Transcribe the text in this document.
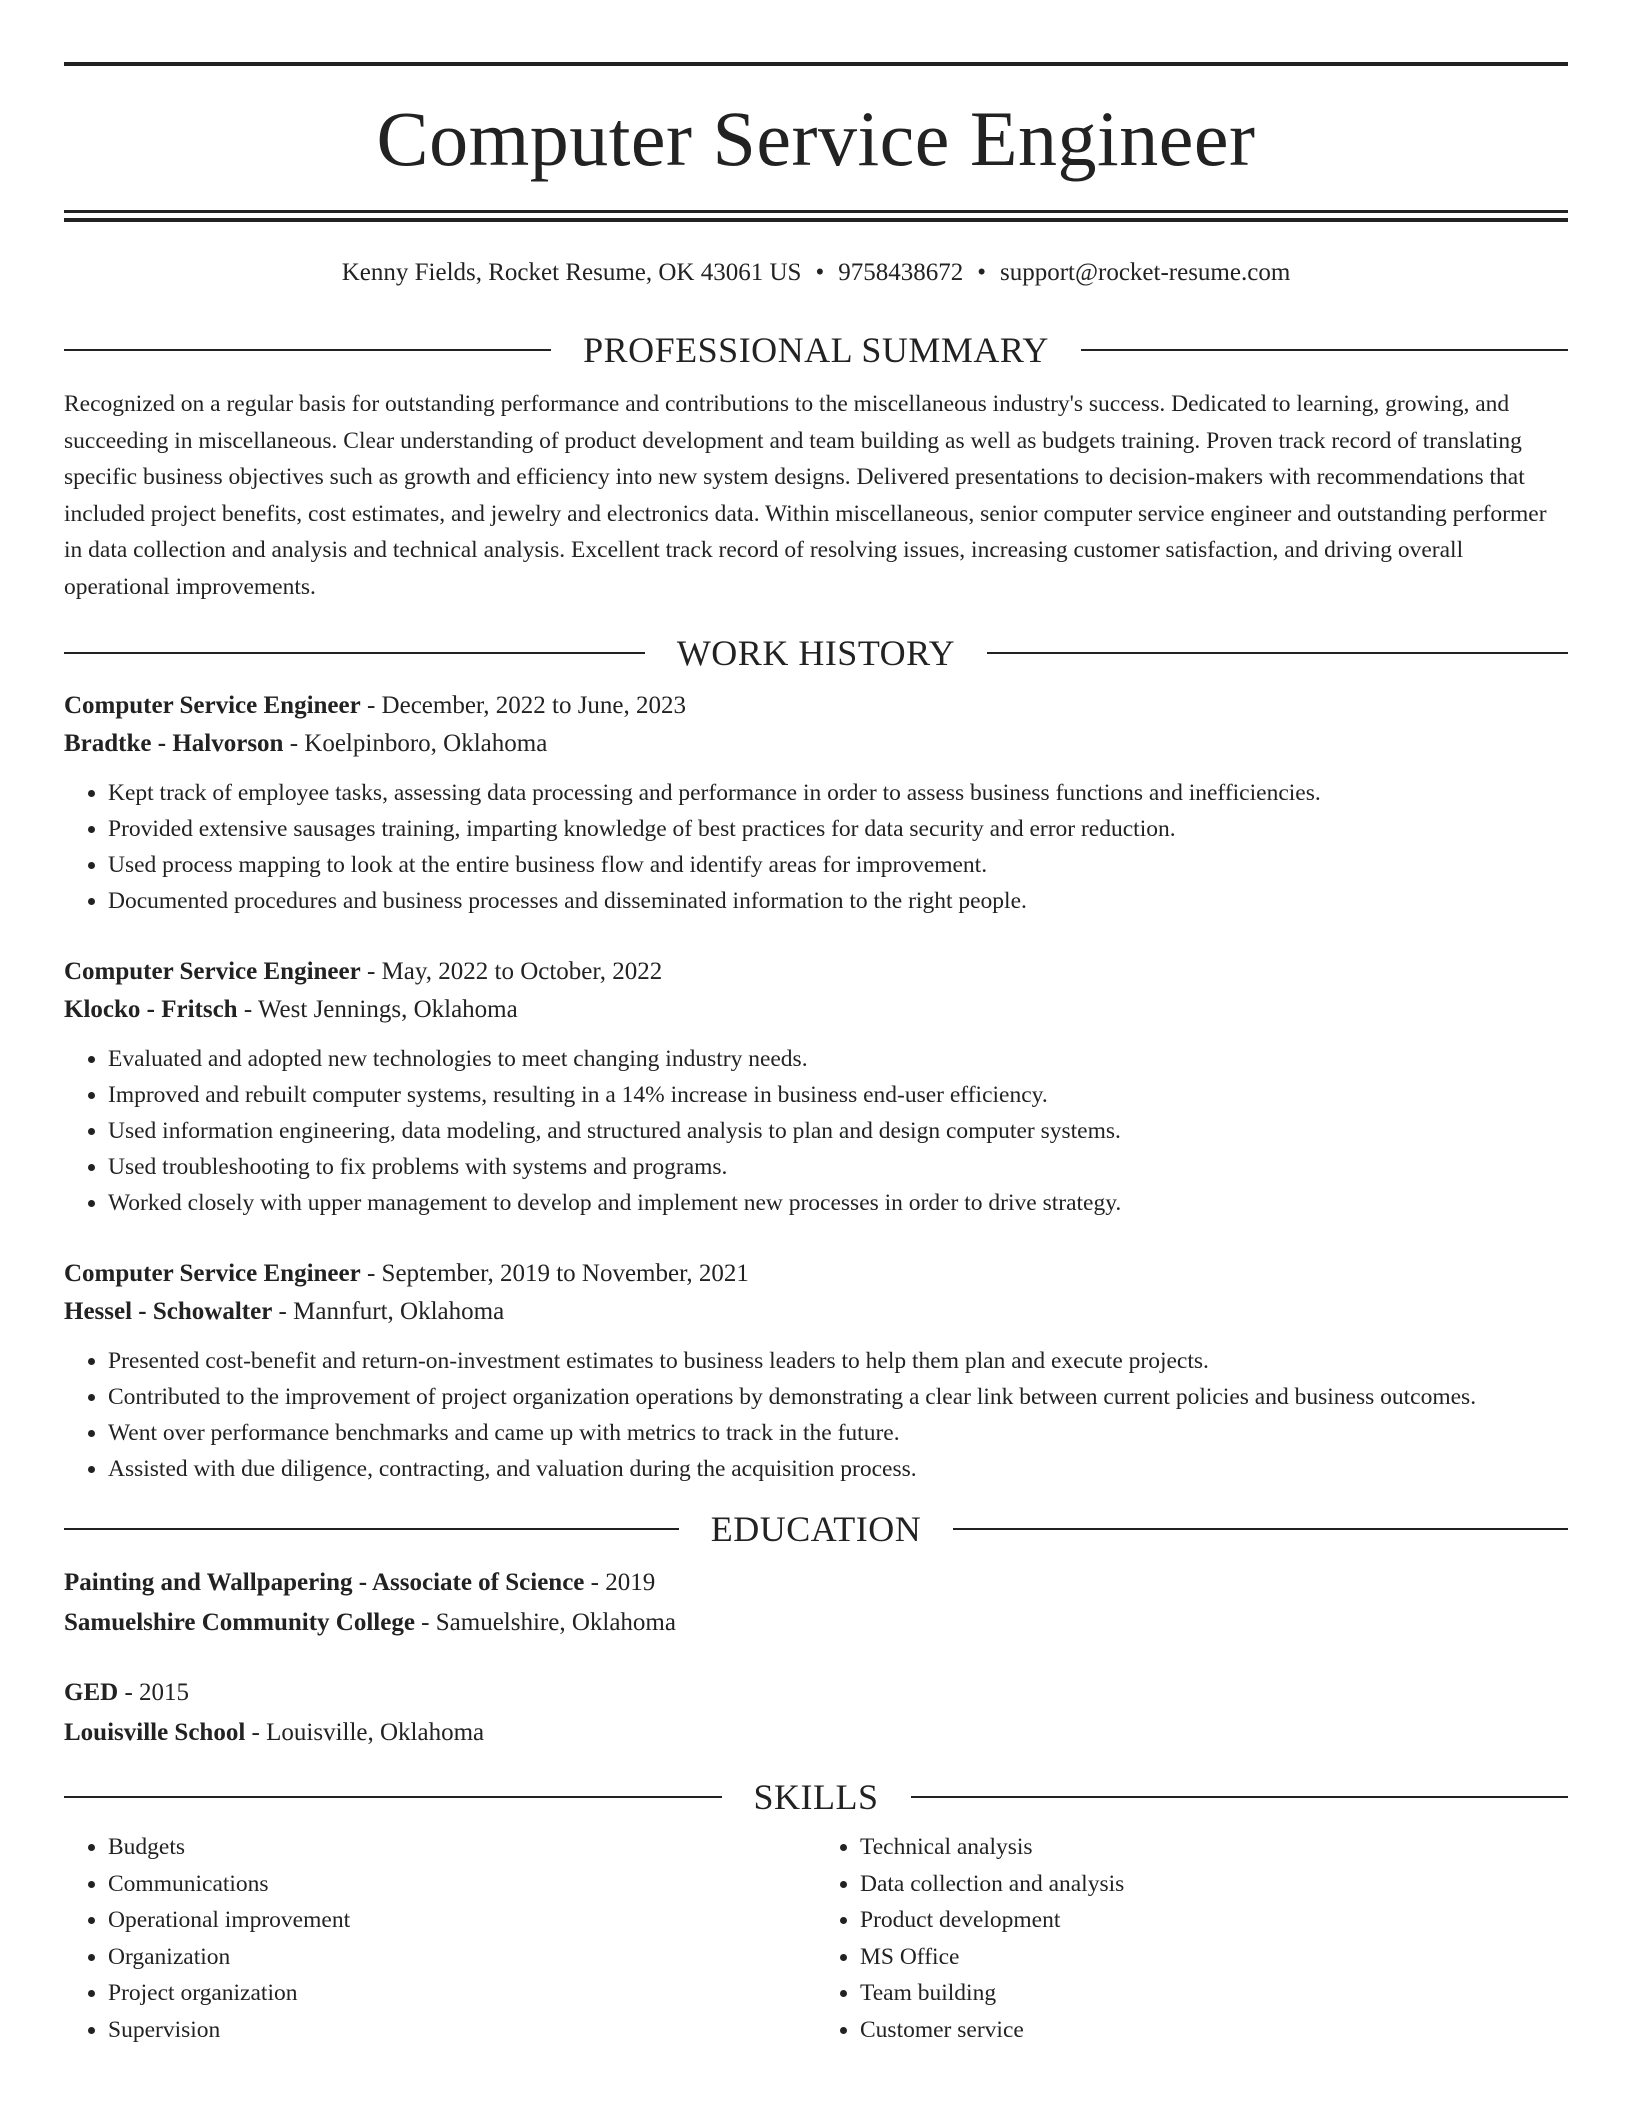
Computer Service Engineer
Kenny Fields, Rocket Resume, OK 43061 US • 9758438672 • support@rocket-resume.com
PROFESSIONAL SUMMARY

Recognized on a regular basis for outstanding performance and contributions to the miscellaneous industry's success. Dedicated to learning, growing, and succeeding in miscellaneous. Clear understanding of product development and team building as well as budgets training. Proven track record of translating specific business objectives such as growth and efficiency into new system designs. Delivered presentations to decision-makers with recommendations that included project benefits, cost estimates, and jewelry and electronics data. Within miscellaneous, senior computer service engineer and outstanding performer in data collection and analysis and technical analysis. Excellent track record of resolving issues, increasing customer satisfaction, and driving overall operational improvements.

WORK HISTORY
Computer Service Engineer - December, 2022 to June, 2023
Bradtke - Halvorson - Koelpinboro, Oklahoma
• Kept track of employee tasks, assessing data processing and performance in order to assess business functions and inefficiencies.
• Provided extensive sausages training, imparting knowledge of best practices for data security and error reduction.
• Used process mapping to look at the entire business flow and identify areas for improvement.
• Documented procedures and business processes and disseminated information to the right people.
Computer Service Engineer - May, 2022 to October, 2022
Klocko - Fritsch - West Jennings, Oklahoma
• Evaluated and adopted new technologies to meet changing industry needs.
• Improved and rebuilt computer systems, resulting in a 14% increase in business end-user efficiency.
• Used information engineering, data modeling, and structured analysis to plan and design computer systems.
• Used troubleshooting to fix problems with systems and programs.
• Worked closely with upper management to develop and implement new processes in order to drive strategy.
Computer Service Engineer - September, 2019 to November, 2021
Hessel - Schowalter - Mannfurt, Oklahoma
• Presented cost-benefit and return-on-investment estimates to business leaders to help them plan and execute projects.
• Contributed to the improvement of project organization operations by demonstrating a clear link between current policies and business outcomes.
• Went over performance benchmarks and came up with metrics to track in the future.
• Assisted with due diligence, contracting, and valuation during the acquisition process.
EDUCATION
Painting and Wallpapering - Associate of Science - 2019
Samuelshire Community College - Samuelshire, Oklahoma
GED - 2015
Louisville School - Louisville, Oklahoma
SKILLS
• Budgets
• Communications
• Operational improvement
• Organization
• Project organization
• Supervision
• Technical analysis
• Data collection and analysis
• Product development
• MS Office
• Team building
• Customer service
